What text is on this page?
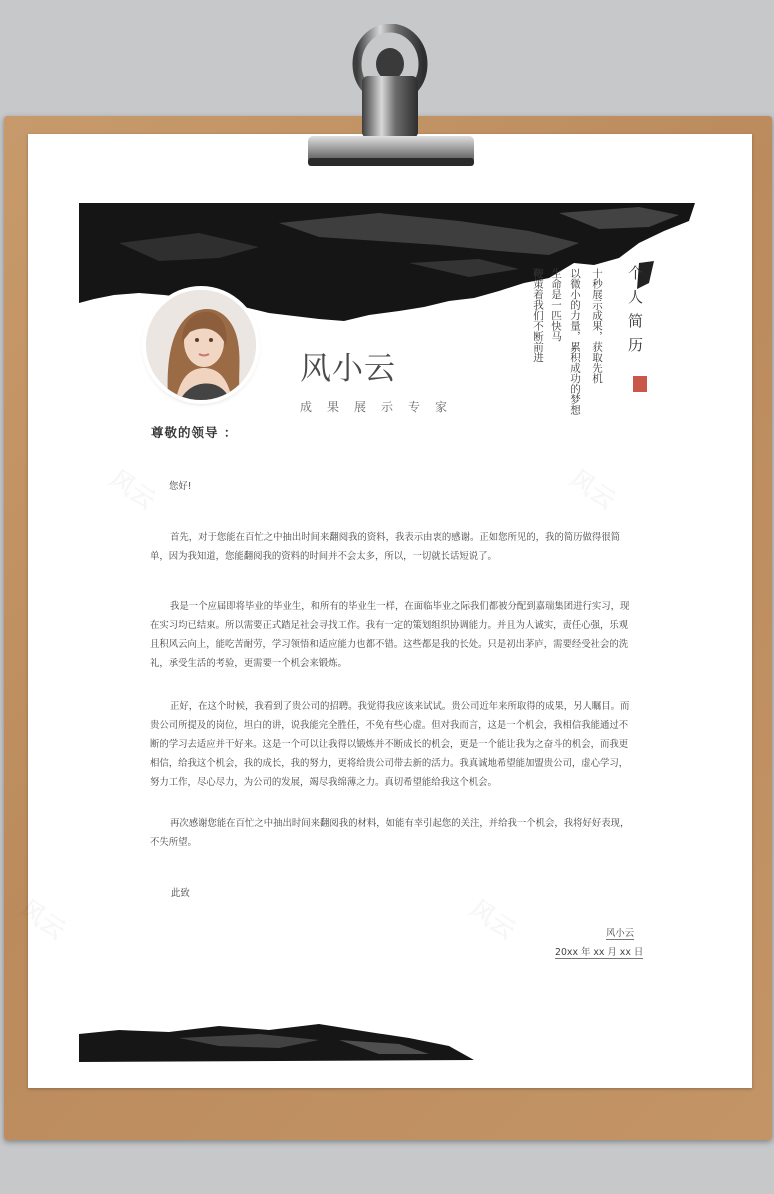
风小云
成果展示专家
十秒展示成果，获取先机
以微小的力量，累积成功的梦想
生命是一匹快马
鞭策着我们不断前进	个人简历
尊敬的领导 ：
您好!

首先，对于您能在百忙之中抽出时间来翻阅我的资料，我表示由衷的感谢。正如您所见的，我的简历做得很简单，因为我知道，您能翻阅我的资料的时间并不会太多，所以，一切就长话短说了。

我是一个应届即将毕业的毕业生，和所有的毕业生一样，在面临毕业之际我们都被分配到嘉瑞集团进行实习，现在实习均已结束。所以需要正式踏足社会寻找工作。我有一定的策划组织协调能力。并且为人诚实，责任心强，乐观且积风云向上，能吃苦耐劳，学习领悟和适应能力也都不错。这些都是我的长处。只是初出茅庐，需要经受社会的洗礼，承受生活的考验，更需要一个机会来锻炼。

正好，在这个时候，我看到了贵公司的招聘。我觉得我应该来试试。贵公司近年来所取得的成果，另人瞩目。而贵公司所提及的岗位，坦白的讲，说我能完全胜任，不免有些心虚。但对我而言，这是一个机会，我相信我能通过不断的学习去适应并干好来。这是一个可以让我得以锻炼并不断成长的机会，更是一个能让我为之奋斗的机会，而我更相信，给我这个机会，我的成长，我的努力，更将给贵公司带去新的活力。我真诚地希望能加盟贵公司，虚心学习，努力工作，尽心尽力，为公司的发展，竭尽我绵薄之力。真切希望能给我这个机会。

再次感谢您能在百忙之中抽出时间来翻阅我的材料，如能有幸引起您的关注，并给我一个机会，我将好好表现，不失所望。

此致
风小云
20xx 年 xx 月 xx 日
